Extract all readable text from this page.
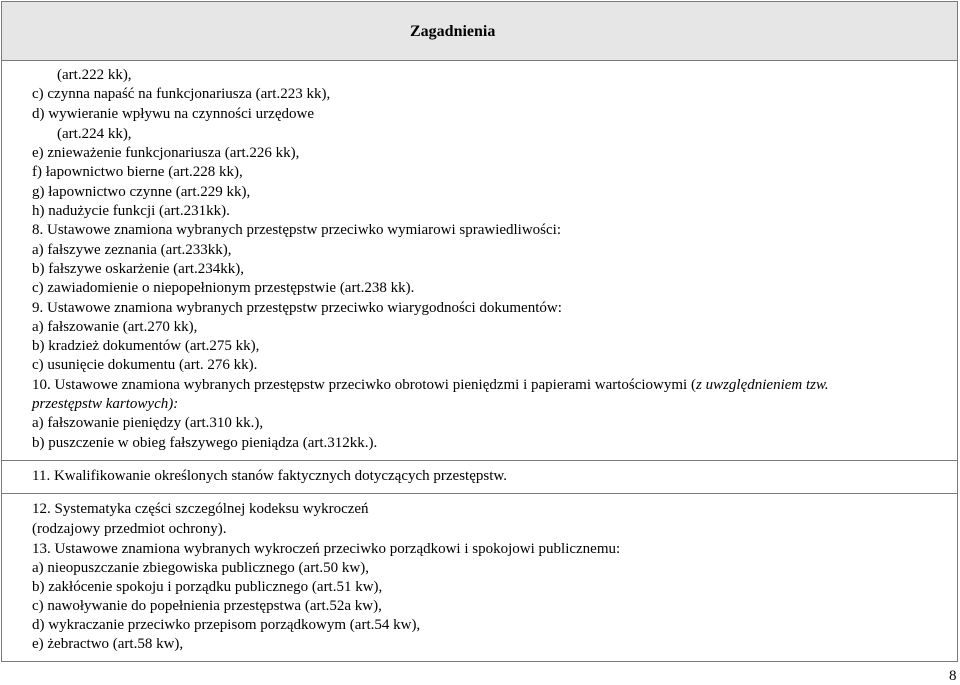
Zagadnienia
(art.222 kk),
c) czynna napaść na funkcjonariusza (art.223 kk),
d) wywieranie wpływu na czynności urzędowe
(art.224 kk),
e) znieważenie funkcjonariusza (art.226 kk),
f) łapownictwo bierne (art.228 kk),
g) łapownictwo czynne (art.229 kk),
h) nadużycie funkcji (art.231kk).
8. Ustawowe znamiona wybranych przestępstw przeciwko wymiarowi sprawiedliwości:
a) fałszywe zeznania (art.233kk),
b) fałszywe oskarżenie (art.234kk),
c) zawiadomienie o niepopełnionym przestępstwie (art.238 kk).
9. Ustawowe znamiona wybranych przestępstw przeciwko wiarygodności dokumentów:
a) fałszowanie (art.270 kk),
b) kradzież dokumentów (art.275 kk),
c) usunięcie dokumentu (art. 276 kk).
10. Ustawowe znamiona wybranych przestępstw przeciwko obrotowi pieniędzmi i papierami wartościowymi (z uwzględnieniem tzw.
przestępstw kartowych):
a) fałszowanie pieniędzy (art.310 kk.),
b) puszczenie w obieg fałszywego pieniądza (art.312kk.).
11. Kwalifikowanie określonych stanów faktycznych dotyczących przestępstw.
12. Systematyka części szczególnej kodeksu wykroczeń
(rodzajowy przedmiot ochrony).
13. Ustawowe znamiona wybranych wykroczeń przeciwko porządkowi i spokojowi publicznemu:
a) nieopuszczanie zbiegowiska publicznego (art.50 kw),
b) zakłócenie spokoju i porządku publicznego (art.51 kw),
c) nawoływanie do popełnienia przestępstwa (art.52a kw),
d) wykraczanie przeciwko przepisom porządkowym (art.54 kw),
e) żebractwo (art.58 kw),
8
